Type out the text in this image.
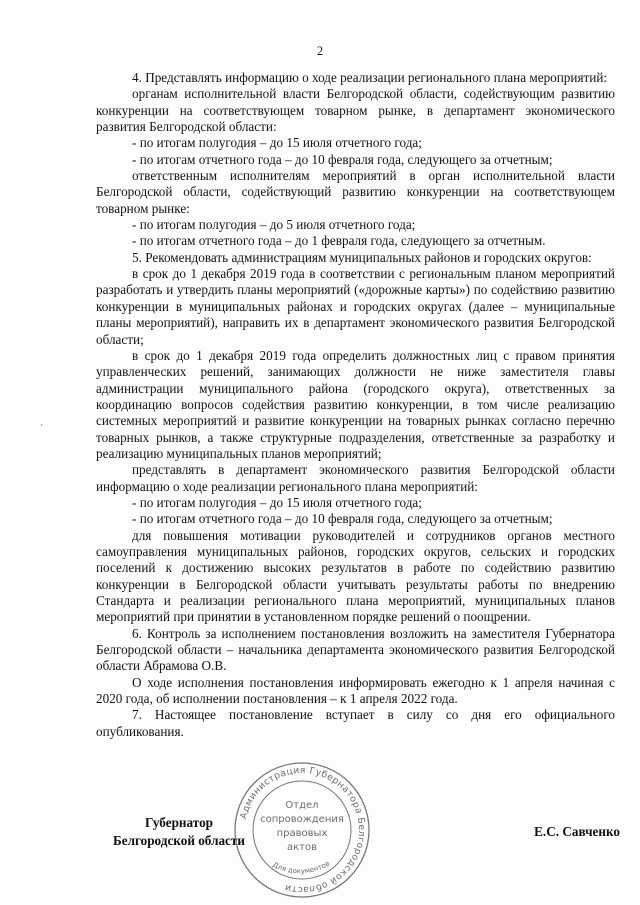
2

4. Представлять информацию о ходе реализации регионального плана мероприятий:

органам исполнительной власти Белгородской области, содействующим развитию конкуренции на соответствующем товарном рынке, в департамент экономического развития Белгородской области:

- по итогам полугодия – до 15 июля отчетного года;

- по итогам отчетного года – до 10 февраля года, следующего за отчетным;

ответственным исполнителям мероприятий в орган исполнительной власти Белгородской области, содействующий развитию конкуренции на соответствующем товарном рынке:

- по итогам полугодия – до 5 июля отчетного года;

- по итогам отчетного года – до 1 февраля года, следующего за отчетным.

5. Рекомендовать администрациям муниципальных районов и городских округов:

в срок до 1 декабря 2019 года в соответствии с региональным планом мероприятий разработать и утвердить планы мероприятий («дорожные карты») по содействию развитию конкуренции в муниципальных районах и городских округах (далее – муниципальные планы мероприятий), направить их в департамент экономического развития Белгородской области;

в срок до 1 декабря 2019 года определить должностных лиц с правом принятия управленческих решений, занимающих должности не ниже заместителя главы администрации муниципального района (городского округа), ответственных за координацию вопросов содействия развитию конкуренции, в том числе реализацию системных мероприятий и развитие конкуренции на товарных рынках согласно перечню товарных рынков, а также структурные подразделения, ответственные за разработку и реализацию муниципальных планов мероприятий;

представлять в департамент экономического развития Белгородской области информацию о ходе реализации регионального плана мероприятий:

- по итогам полугодия – до 15 июля отчетного года;

- по итогам отчетного года – до 10 февраля года, следующего за отчетным;

для повышения мотивации руководителей и сотрудников органов местного самоуправления муниципальных районов, городских округов, сельских и городских поселений к достижению высоких результатов в работе по содействию развитию конкуренции в Белгородской области учитывать результаты работы по внедрению Стандарта и реализации регионального плана мероприятий, муниципальных планов мероприятий при принятии в установленном порядке решений о поощрении.

6. Контроль за исполнением постановления возложить на заместителя Губернатора Белгородской области – начальника департамента экономического развития Белгородской области Абрамова О.В.

О ходе исполнения постановления информировать ежегодно к 1 апреля начиная с 2020 года, об исполнении постановления – к 1 апреля 2022 года.

7. Настоящее постановление вступает в силу со дня его официального опубликования.

ˋ
Губернатор
Белгородской области
Администрация Губернатора Белгородской области
Отдел
сопровождения
правовых
актов
Для документов
Е.С. Савченко
